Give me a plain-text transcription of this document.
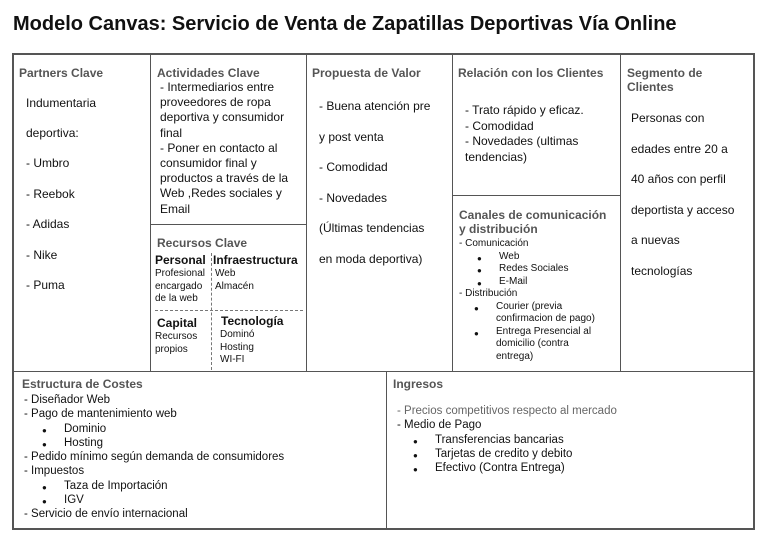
Modelo Canvas: Servicio de Venta de Zapatillas Deportivas Vía Online
Partners Clave
Indumentaria
deportiva:
- Umbro
- Reebok
- Adidas
- Nike
- Puma
Actividades Clave
- Intermediarios entre
proveedores de ropa
deportiva y consumidor
final
- Poner en contacto al
consumidor final y
productos a través de la
Web ,Redes sociales y
Email
Recursos Clave
Personal
Profesional
encargado
de la web
Infraestructura
Web
Almacén
Capital
Recursos
propios
Tecnología
Dominó
Hosting
WI-FI
Propuesta de Valor
- Buena atención pre
y post venta
- Comodidad
- Novedades
(Últimas tendencias
en moda deportiva)
Relación con los Clientes
- Trato rápido y eficaz.
- Comodidad
- Novedades (ultimas
tendencias)
Canales de comunicación
y distribución
- Comunicación
● Web
● Redes Sociales
● E-Mail
- Distribución
● Courier (previa
confirmacion de pago)
● Entrega Presencial al
domicilio (contra
entrega)
Segmento de
Clientes
Personas con
edades entre 20 a
40 años con perfil
deportista y acceso
a nuevas
tecnologías
Estructura de Costes
- Diseñador Web
- Pago de mantenimiento web
● Dominio
● Hosting
- Pedido mínimo según demanda de consumidores
- Impuestos
● Taza de Importación
● IGV
- Servicio de envío internacional
Ingresos
- Precios competitivos respecto al mercado
- Medio de Pago
● Transferencias bancarias
● Tarjetas de credito y debito
● Efectivo (Contra Entrega)
